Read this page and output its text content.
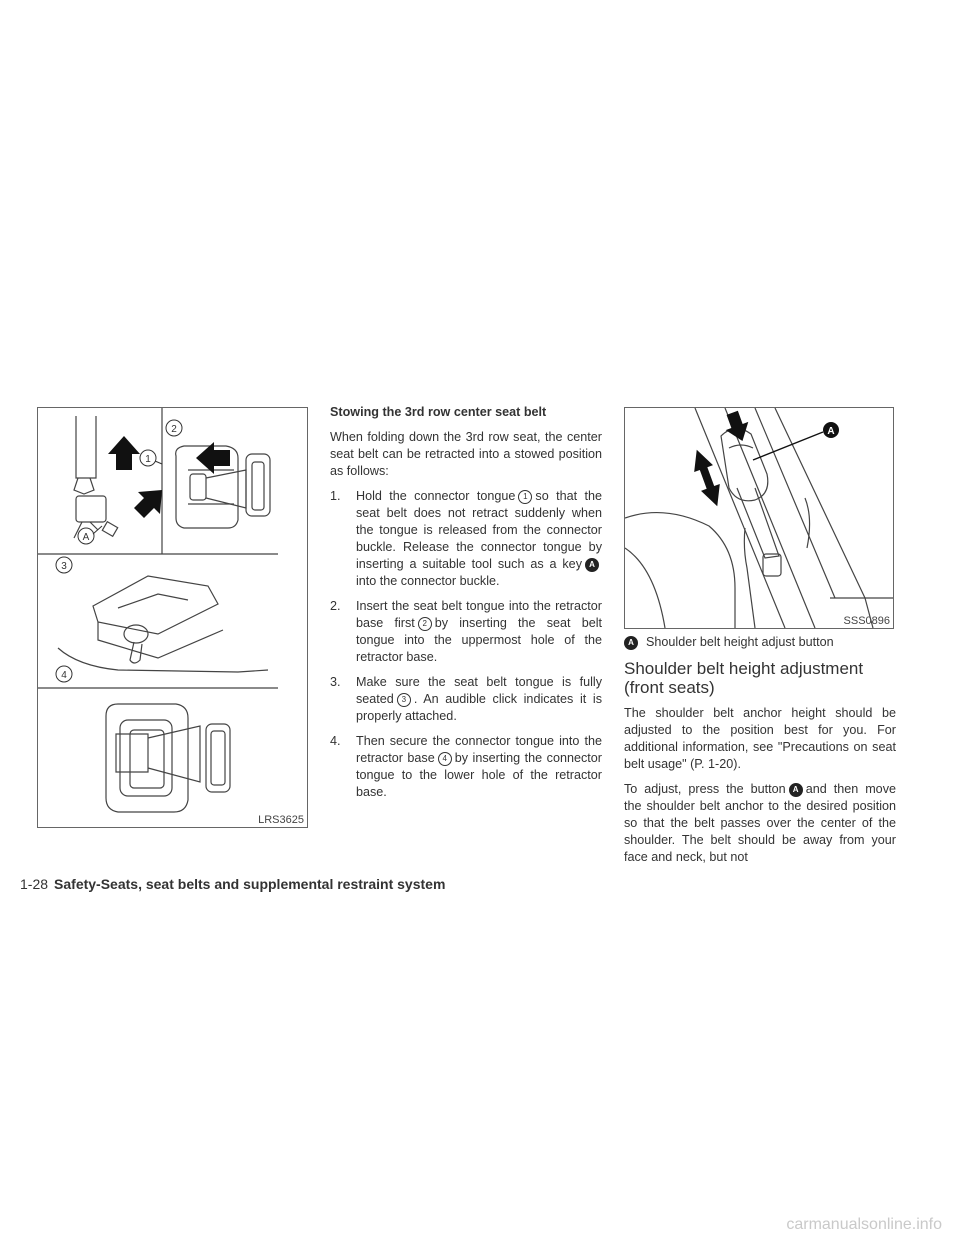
1
2
3
4
A
LRS3625
Stowing the 3rd row center seat belt

When folding down the 3rd row seat, the center seat belt can be retracted into a stowed position as follows:

1. Hold the connector tongue 1 so that the seat belt does not retract suddenly when the tongue is released from the connector buckle. Release the connector tongue by inserting a suitable tool such as a key Ainto the connector buckle.
2. Insert the seat belt tongue into the retractor base first 2 by inserting the seat belt tongue into the uppermost hole of the retractor base.
3. Make sure the seat belt tongue is fully seated 3 . An audible click indicates it is properly attached.
4. Then secure the connector tongue into the retractor base 4 by inserting the connector tongue to the lower hole of the retractor base.
A
SSS0896

A Shoulder belt height adjust button

Shoulder belt height adjustment (front seats)

The shoulder belt anchor height should be adjusted to the position best for you. For additional information, see "Precautions on seat belt usage" (P. 1-20).

To adjust, press the button A and then move the shoulder belt anchor to the desired position so that the belt passes over the center of the shoulder. The belt should be away from your face and neck, but not

1-28 Safety-Seats, seat belts and supplemental restraint system
carmanualsonline.info
